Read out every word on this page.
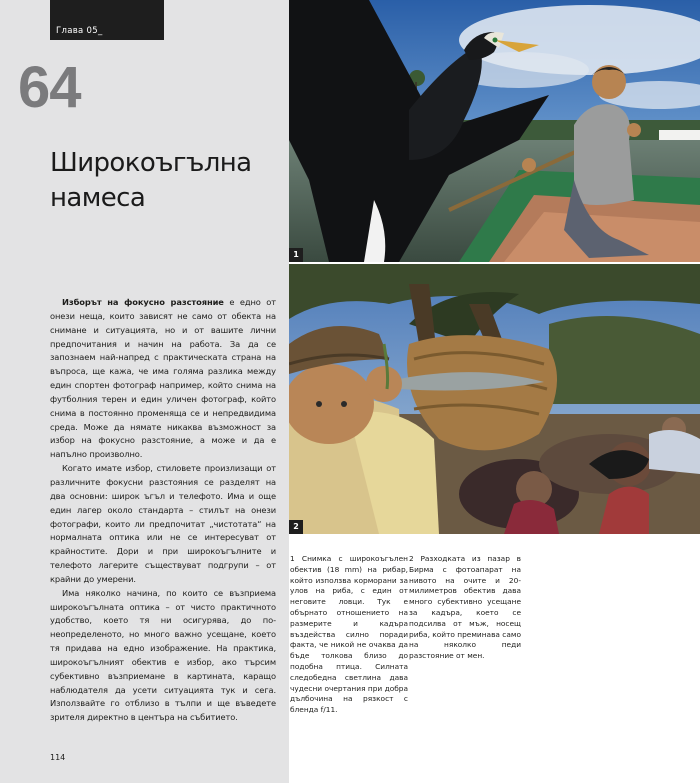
Глава 05_
64
Широкоъгълна
намеса

Изборът на фокусно разстояние е едно от онези неща, които зависят не само от обекта на снимане и ситуацията, но и от вашите лични предпочитания и начин на работа. За да се запознаем най-напред с практическата страна на въпроса, ще кажа, че има голяма разлика между един спортен фотограф например, който снима на футболния терен и един уличен фотограф, който снима в постоянно променяща се и непредвидима среда. Може да нямате никаква възможност за избор на фокусно разстояние, а може и да е напълно произволно.

Когато имате избор, стиловете произлизащи от различните фокусни разстояния се разделят на два основни: широк ъгъл и телефото. Има и още един лагер около стандарта – стилът на онези фотографи, които ли предпочитат „чистотата“ на нормалната оптика или не се интересуват от крайностите. Дори и при широкоъгълните и телефото лагерите съществуват подгрупи – от крайни до умерени.

Има няколко начина, по които се възприема широкоъгълната оптика – от чисто практичното удобство, което тя ни осигурява, до по-неопределеното, но много важно усещане, което тя придава на едно изображение. На практика, широкоъгълният обектив е избор, ако търсим субективно възприемане в картината, каращо наблюдателя да усети ситуацията тук и сега. Използвайте го отблизо в тълпи и ще въведете зрителя директно в центъра на събитието.

114
1
2

1 Снимка с широкоъгълен обектив (18 mm) на рибар, който използва корморани за улов на риба, с един от неговите ловци. Тук е обърнато отношението на размерите и кадъра въздейства силно поради факта, че никой не очаква да бъде толкова близо до подобна птица. Силната следобедна светлина дава чудесни очертания при добра дълбочина на рязкост с бленда f/11.

2 Разходката из пазар в Бирма с фотоапарат на нивото на очите и 20-милиметров обектив дава много субективно усещане за кадъра, което се подсилва от мъж, носещ риба, който преминава само на няколко педи разстояние от мен.
